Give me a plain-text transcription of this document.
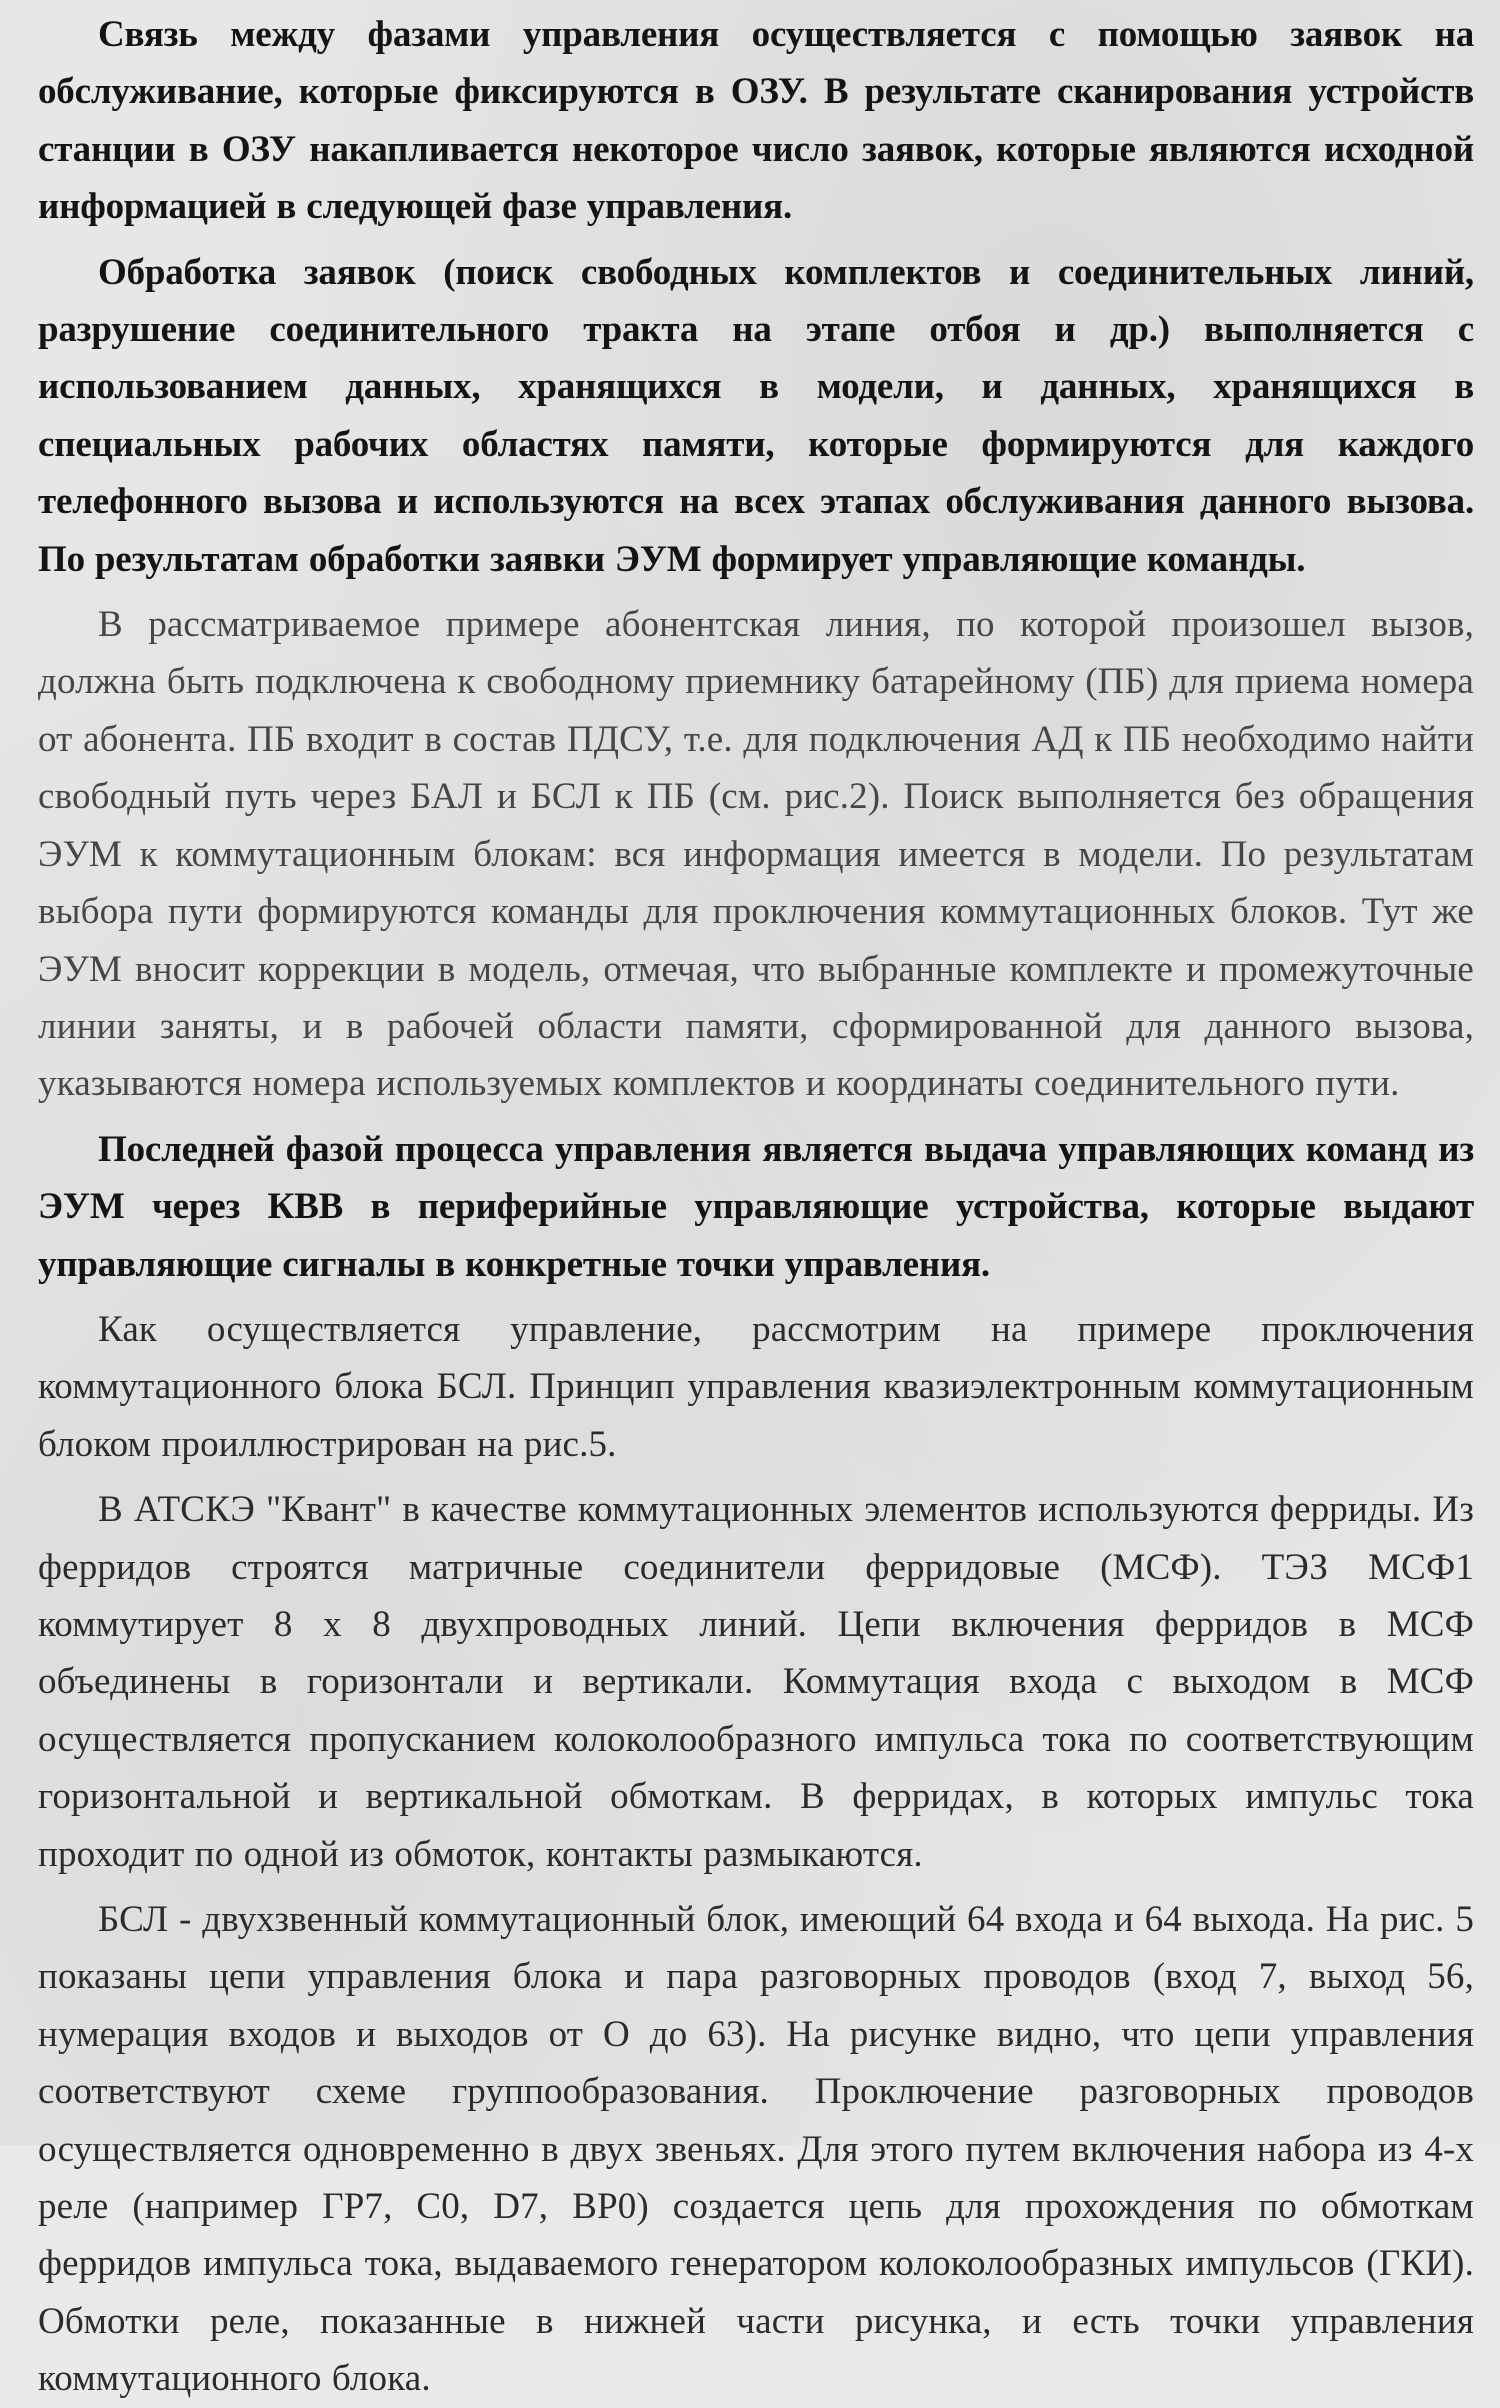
Связь между фазами управления осуществляется с помощью заявок на обслуживание, которые фиксируются в ОЗУ. В результате сканирования устройств станции в ОЗУ накапливается некоторое число заявок, которые являются исходной информацией в следующей фазе управления.

Обработка заявок (поиск свободных комплектов и соединительных линий, разрушение соединительного тракта на этапе отбоя и др.) выполняется с использованием данных, хранящихся в модели, и данных, хранящихся в специальных рабочих областях памяти, которые формируются для каждого телефонного вызова и используются на всех этапах обслуживания данного вызова. По результатам обработки заявки ЭУМ формирует управляющие команды.

В рассматриваемое примере абонентская линия, по которой произошел вызов, должна быть подключена к свободному приемнику батарейному (ПБ) для приема номера от абонента. ПБ входит в состав ПДСУ, т.е. для подключения АД к ПБ необходимо найти свободный путь через БАЛ и БСЛ к ПБ (см. рис.2). Поиск выполняется без обращения ЭУМ к коммутационным блокам: вся информация имеется в модели. По результатам выбора пути формируются команды для проключения коммутационных блоков. Тут же ЭУМ вносит коррекции в модель, отмечая, что выбранные комплекте и промежуточные линии заняты, и в рабочей области памяти, сформированной для данного вызова, указываются номера используемых комплектов и координаты соединительного пути.

Последней фазой процесса управления является выдача управляющих команд из ЭУМ через КВВ в периферийные управляющие устройства, которые выдают управляющие сигналы в конкретные точки управления.

Как осуществляется управление, рассмотрим на примере проключения коммутационного блока БСЛ. Принцип управления квазиэлектронным коммутационным блоком проиллюстрирован на рис.5.

В АТСКЭ "Квант" в качестве коммутационных элементов используются ферриды. Из ферридов строятся матричные соединители ферридовые (МСФ). ТЭЗ МСФ1 коммутирует 8 х 8 двухпроводных линий. Цепи включения ферридов в МСФ объединены в горизонтали и вертикали. Коммутация входа с выходом в МСФ осуществляется пропусканием колоколообразного импульса тока по соответствующим горизонтальной и вертикальной обмоткам. В ферридах, в которых импульс тока проходит по одной из обмоток, контакты размыкаются.

БСЛ - двухзвенный коммутационный блок, имеющий 64 входа и 64 выхода. На рис. 5 показаны цепи управления блока и пара разговорных проводов (вход 7, выход 56, нумерация входов и выходов от О до 63). На рисунке видно, что цепи управления соответствуют схеме группообразования. Проключение разговорных проводов осуществляется одновременно в двух звеньях. Для этого путем включения набора из 4-х реле (например ГР7, С0, D7, ВР0) создается цепь для прохождения по обмоткам ферридов импульса тока, выдаваемого генератором колоколообразных импульсов (ГКИ). Обмотки реле, показанные в нижней части рисунка, и есть точки управления коммутационного блока.
